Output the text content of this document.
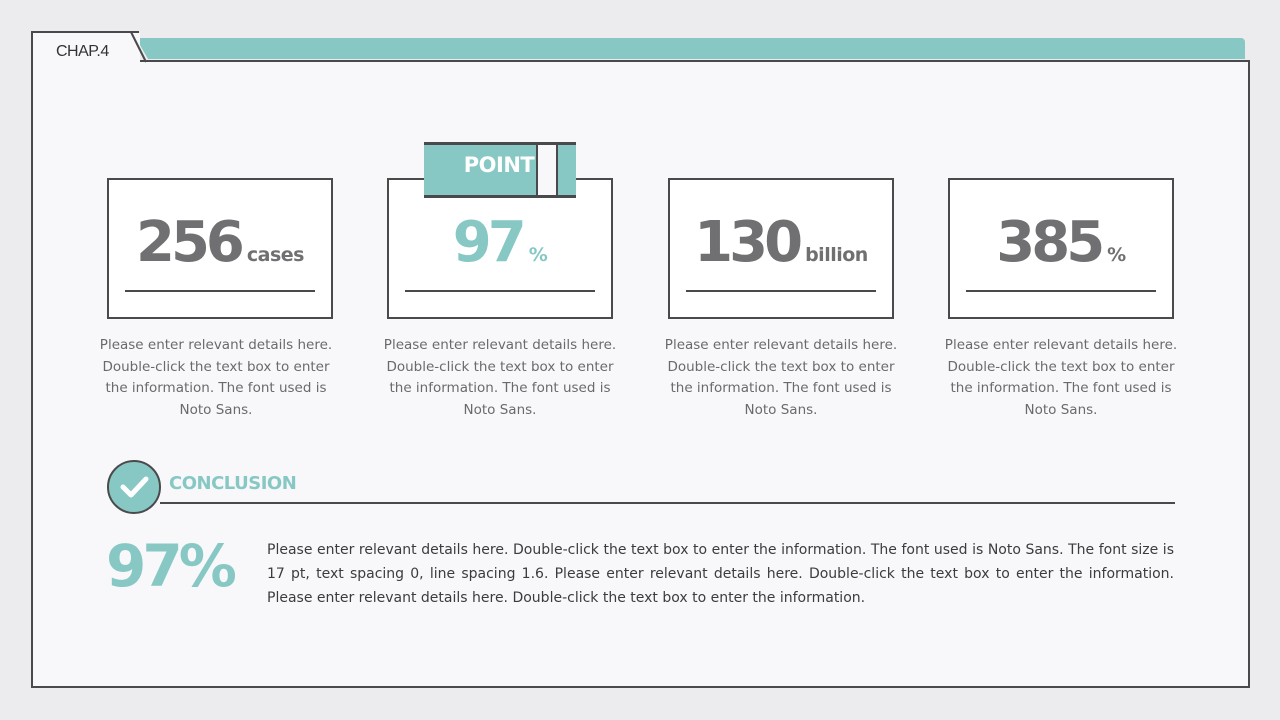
CHAP.4
256 cases	97 %	130 billion	385 %
POINT
Please enter relevant details here. Double-click the text box to enter the information. The font used is Noto Sans.
Please enter relevant details here. Double-click the text box to enter the information. The font used is Noto Sans.
Please enter relevant details here. Double-click the text box to enter the information. The font used is Noto Sans.
Please enter relevant details here. Double-click the text box to enter the information. The font used is Noto Sans.
CONCLUSION
97% Please enter relevant details here. Double-click the text box to enter the information. The font used is Noto Sans. The font size is 17 pt, text spacing 0, line spacing 1.6. Please enter relevant details here. Double-click the text box to enter the information. Please enter relevant details here. Double-click the text box to enter the information.
